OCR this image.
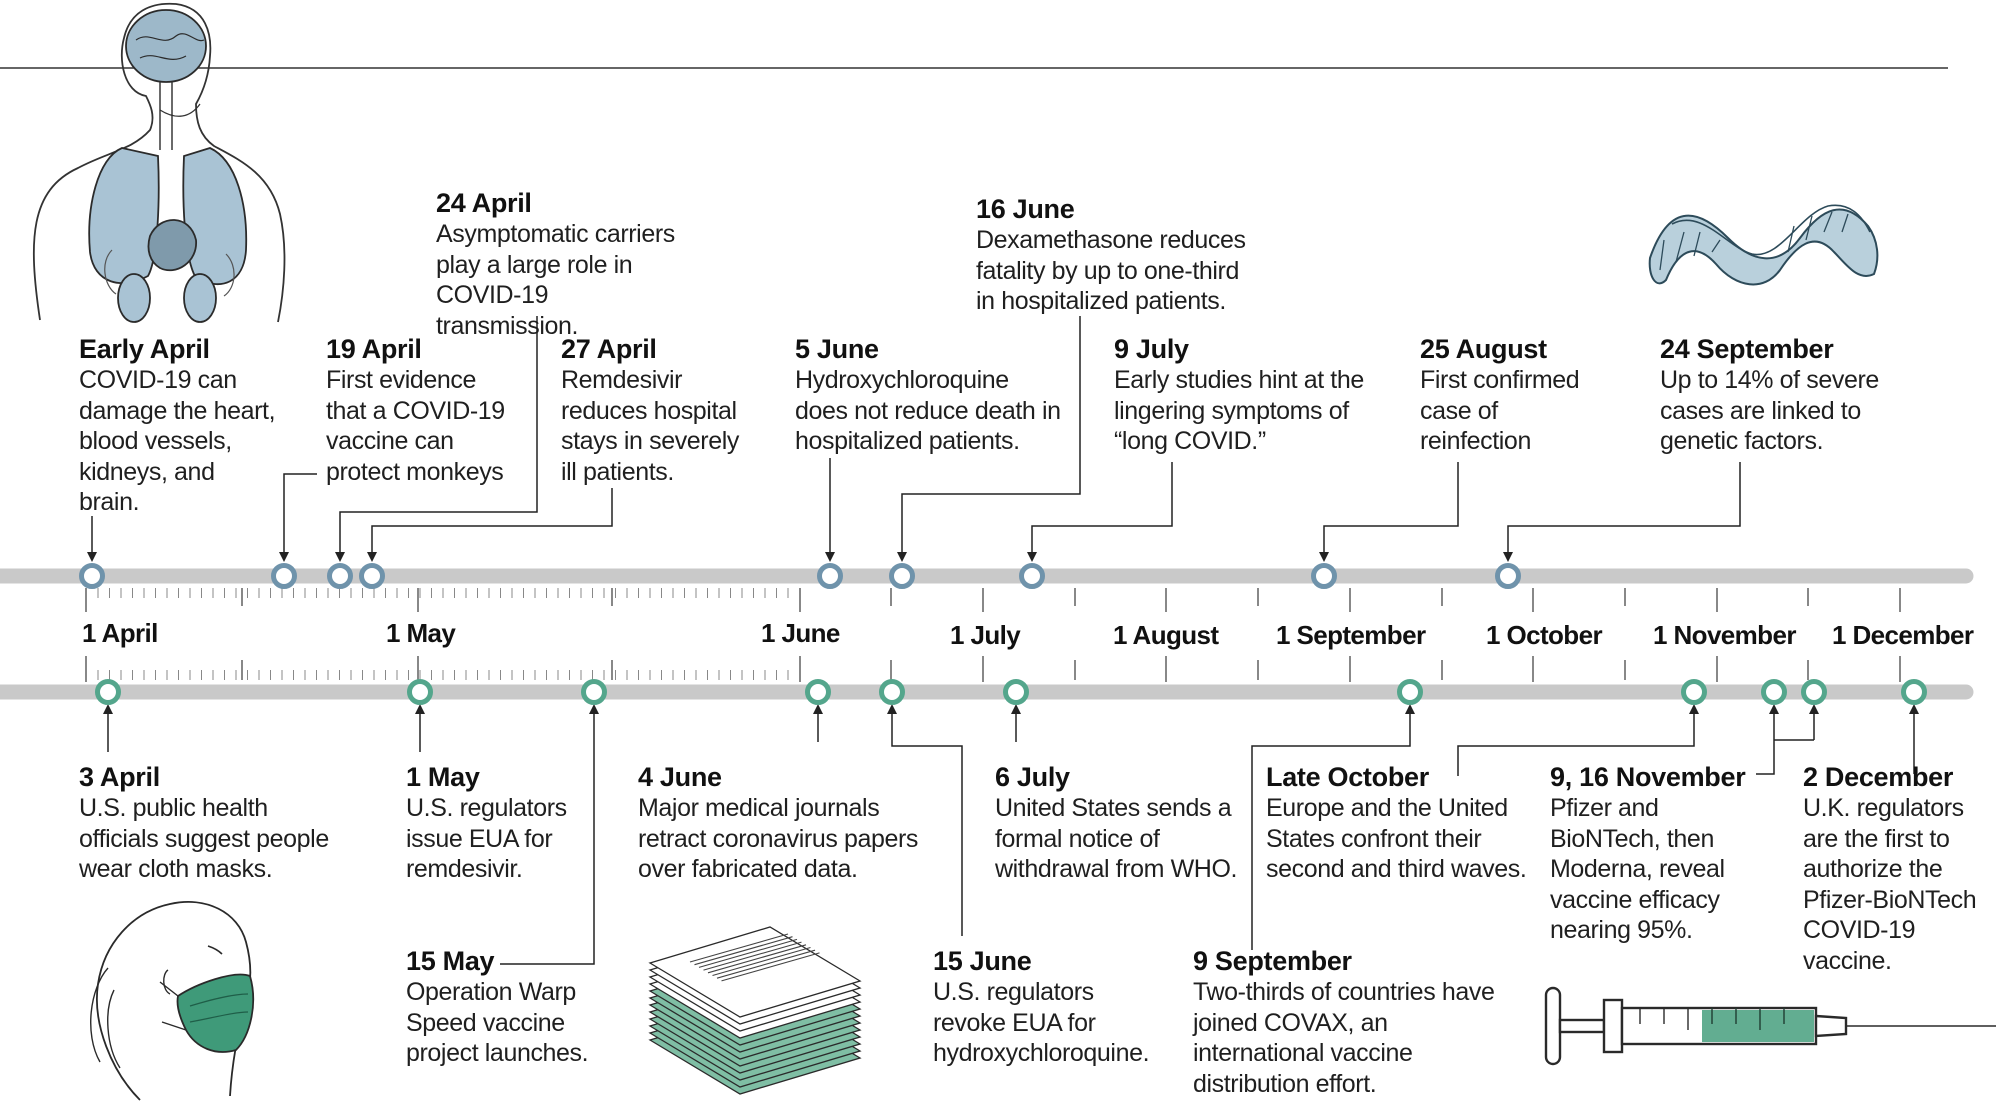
1 April	1 May	1 June	1 July	1 August 1 September 1 October 1 November 1 December
Early April
COVID-19 can damage the heart, blood vessels, kidneys, and brain.
19 April
First evidence that a COVID-19 vaccine can protect monkeys
24 April
Asymptomatic carriers play a large role in COVID-19 transmission.
27 April
Remdesivir reduces hospital stays in severely ill patients.
5 June
Hydroxychloroquine does not reduce death in hospitalized patients.
16 June
Dexamethasone reduces fatality by up to one-third in hospitalized patients.
9 July
Early studies hint at the lingering symptoms of “long COVID.”
25 August
First confirmed case of reinfection
24 September
Up to 14% of severe cases are linked to genetic factors.
3 April
U.S. public health officials suggest people wear cloth masks.
1 May
U.S. regulators issue EUA for remdesivir.
15 May
Operation Warp Speed vaccine project launches.
4 June
Major medical journals retract coronavirus papers over fabricated data.
15 June
U.S. regulators revoke EUA for hydroxychloroquine.
6 July
United States sends a formal notice of withdrawal from WHO.
Late October
Europe and the United States confront their second and third waves.
9 September
Two-thirds of countries have joined COVAX, an international vaccine distribution effort.
9, 16 November
Pfizer and BioNTech, then Moderna, reveal vaccine efficacy nearing 95%.
2 December
U.K. regulators are the first to authorize the Pfizer-BioNTech COVID-19 vaccine.
